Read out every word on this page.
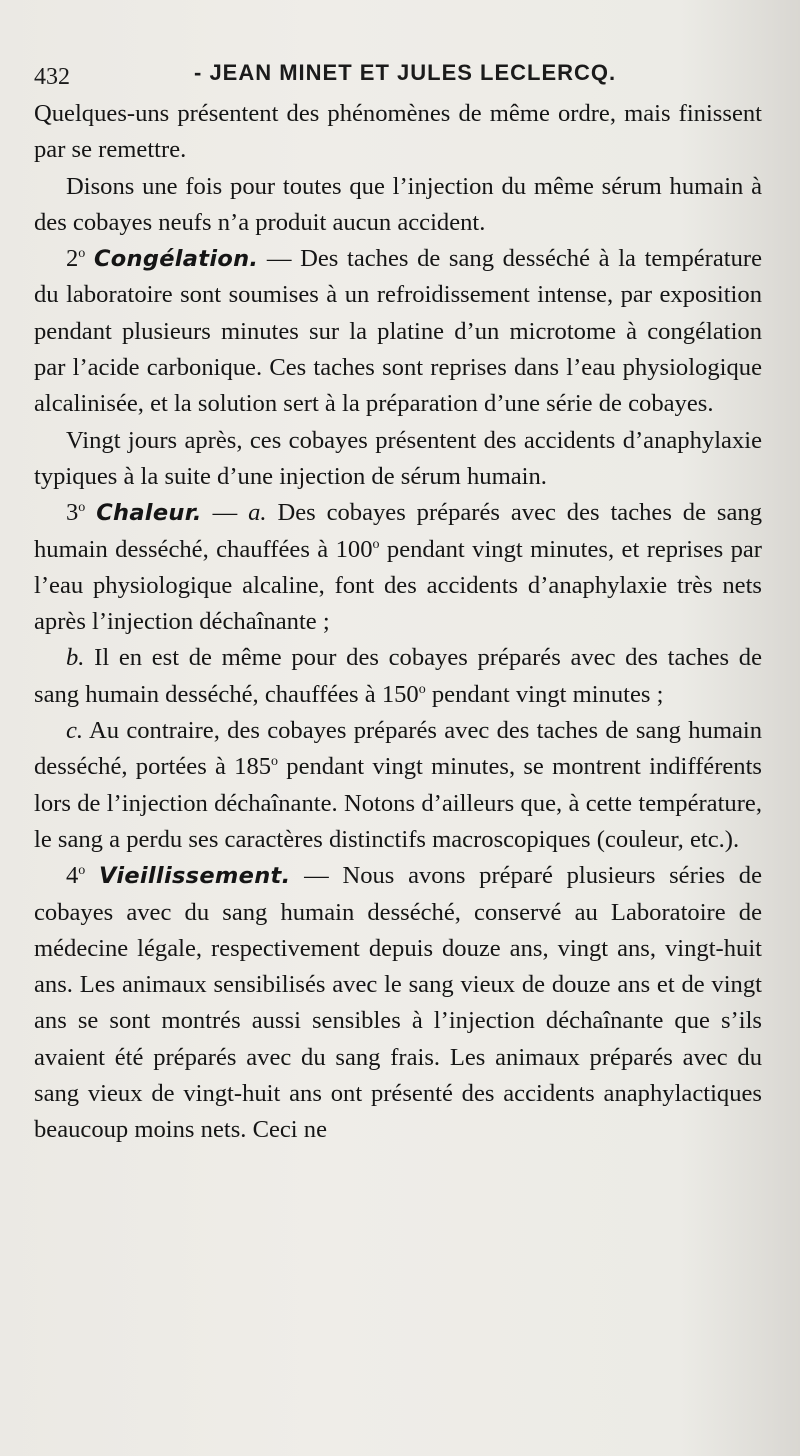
432	- JEAN MINET ET JULES LECLERCQ.

Quelques-uns présentent des phénomènes de même ordre, mais finissent par se remettre.

Disons une fois pour toutes que l’injection du même sérum humain à des cobayes neufs n’a produit aucun accident.

2$^o$ Congélation. — Des taches de sang desséché à la température du laboratoire sont soumises à un refroidissement intense, par exposition pendant plusieurs minutes sur la platine d’un microtome à congélation par l’acide carbonique. Ces taches sont reprises dans l’eau physiologique alcalinisée, et la solution sert à la préparation d’une série de cobayes.

Vingt jours après, ces cobayes présentent des accidents d’anaphylaxie typiques à la suite d’une injection de sérum humain.

3$^o$ Chaleur. — a. Des cobayes préparés avec des taches de sang humain desséché, chauffées à 100$^o$ pendant vingt minutes, et reprises par l’eau physiologique alcaline, font des accidents d’anaphylaxie très nets après l’injection déchaînante ;

b. Il en est de même pour des cobayes préparés avec des taches de sang humain desséché, chauffées à 150$^o$ pendant vingt minutes ;

c. Au contraire, des cobayes préparés avec des taches de sang humain desséché, portées à 185$^o$ pendant vingt minutes, se montrent indifférents lors de l’injection déchaînante. Notons d’ailleurs que, à cette température, le sang a perdu ses caractères distinctifs macroscopiques (couleur, etc.).

4$^o$ Vieillissement. — Nous avons préparé plusieurs séries de cobayes avec du sang humain desséché, conservé au Laboratoire de médecine légale, respectivement depuis douze ans, vingt ans, vingt-huit ans. Les animaux sensibilisés avec le sang vieux de douze ans et de vingt ans se sont montrés aussi sensibles à l’injection déchaînante que s’ils avaient été préparés avec du sang frais. Les animaux préparés avec du sang vieux de vingt-huit ans ont présenté des accidents anaphylactiques beaucoup moins nets. Ceci ne
